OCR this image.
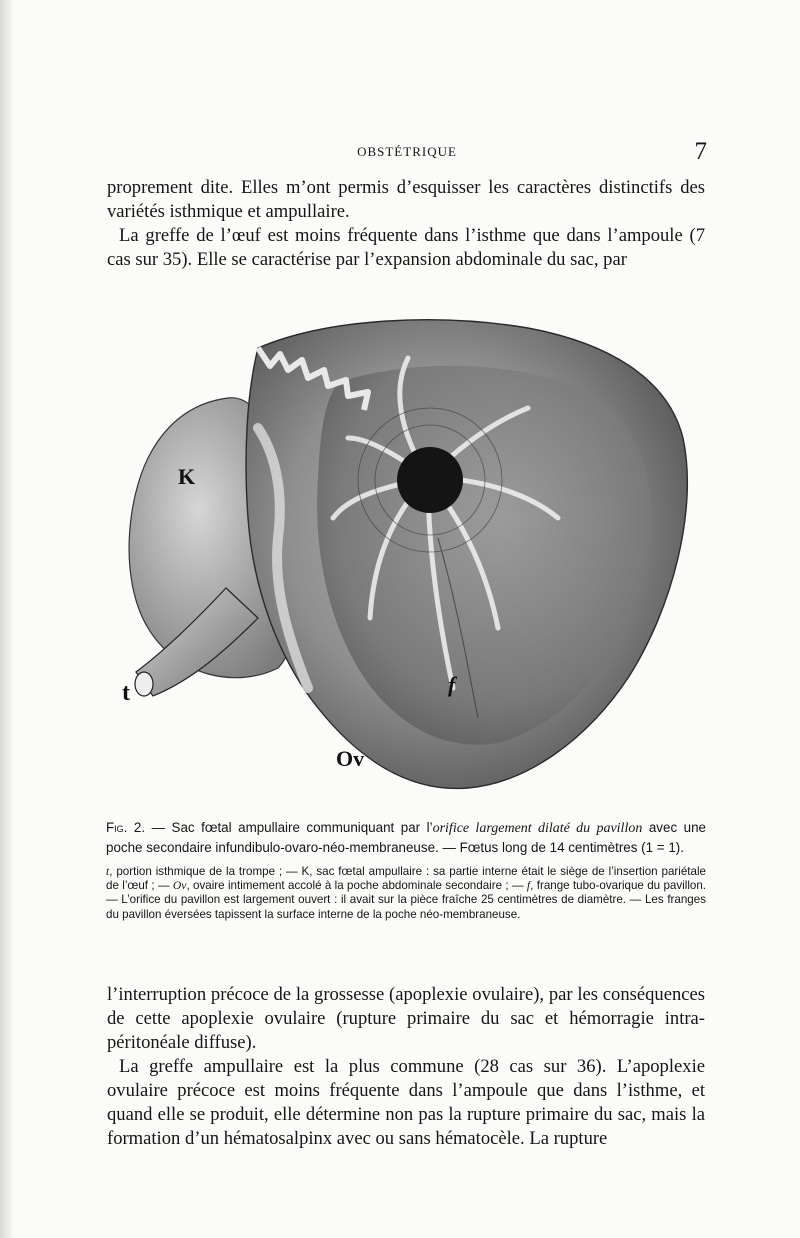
OBSTÉTRIQUE	7

proprement dite. Elles m’ont permis d’esquisser les caractères distinctifs des variétés isthmique et ampullaire.

La greffe de l’œuf est moins fréquente dans l’isthme que dans l’ampoule (7 cas sur 35). Elle se caractérise par l’expansion abdominale du sac, par

K
t	f
Ov

Fig. 2. — Sac fœtal ampullaire communiquant par l’orifice largement dilaté du pavillon avec une poche secondaire infundibulo-ovaro-néo-membraneuse. — Fœtus long de 14 centimètres (1 = 1).

t, portion isthmique de la trompe ; — K, sac fœtal ampullaire : sa partie interne était le siège de l’insertion pariétale de l’œuf ; — Ov, ovaire intimement accolé à la poche abdominale secondaire ; — f, frange tubo-ovarique du pavillon. — L’orifice du pavillon est largement ouvert : il avait sur la pièce fraîche 25 centimètres de diamètre. — Les franges du pavillon éversées tapissent la surface interne de la poche néo-membraneuse.

l’interruption précoce de la grossesse (apoplexie ovulaire), par les conséquences de cette apoplexie ovulaire (rupture primaire du sac et hémorragie intra-péritonéale diffuse).

La greffe ampullaire est la plus commune (28 cas sur 36). L’apoplexie ovulaire précoce est moins fréquente dans l’ampoule que dans l’isthme, et quand elle se produit, elle détermine non pas la rupture primaire du sac, mais la formation d’un hématosalpinx avec ou sans hématocèle. La rupture
